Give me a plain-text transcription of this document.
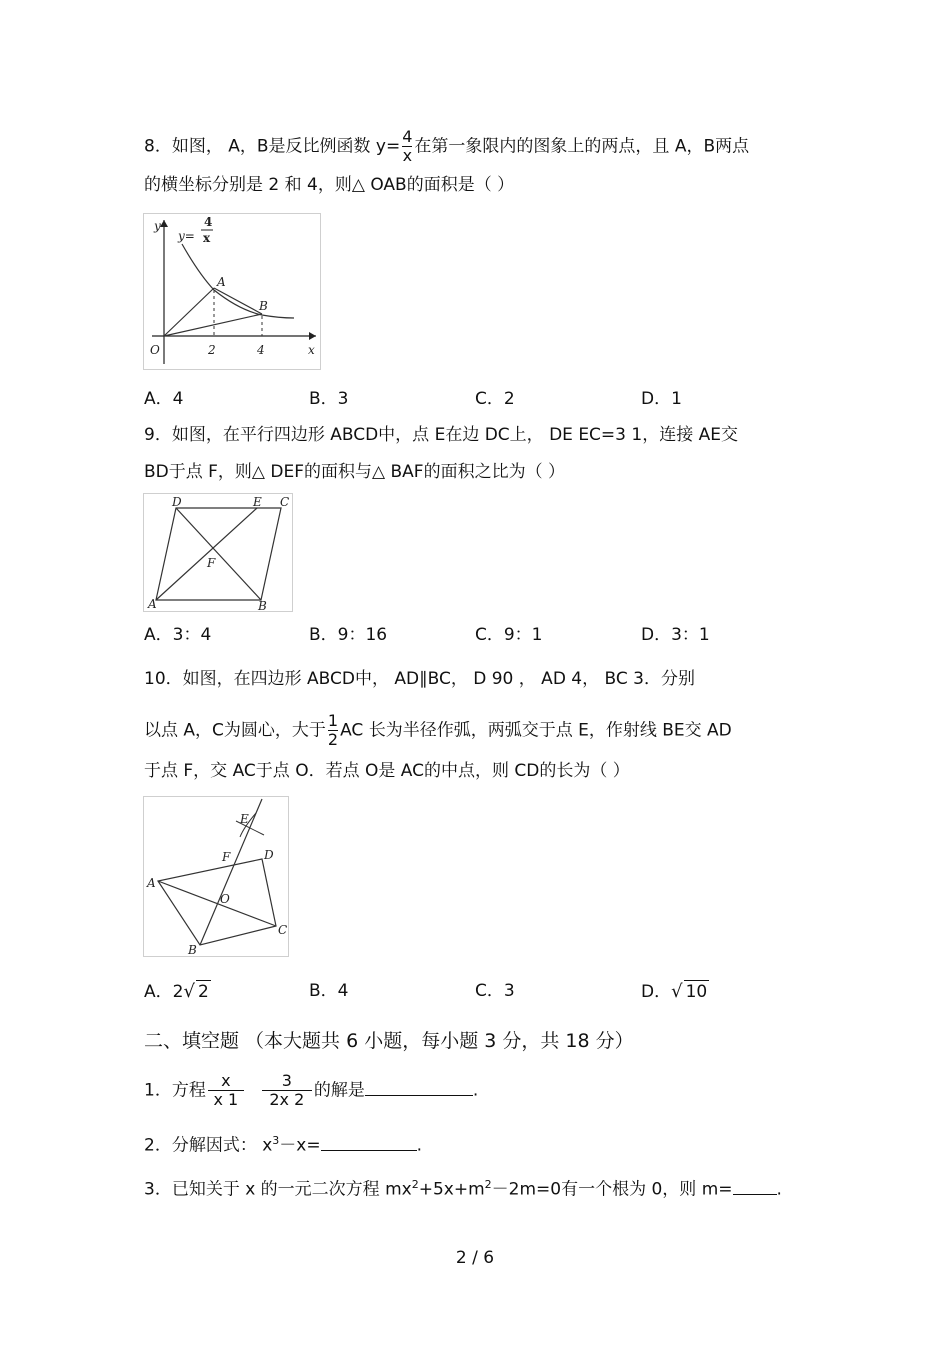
8．如图， A，B是反比例函数 $y= \frac{4}{x}$ 在第一象限内的图象上的两点，且 A，B两点
的横坐标分别是 2 和 4，则△ OAB的面积是（ ）
y
x
O	2	4
A
B
y=
4
x
A．4	B．3	C．2	D．1
9．如图，在平行四边形 ABCD中，点 E在边 DC上， DE EC=3 1，连接 AE交
BD于点 F，则△ DEF的面积与△ BAF的面积之比为（ ）
A	B
C
D	E
F
A．3：4	B．9：16	C．9：1	D．3：1
10．如图，在四边形 ABCD中， AD∥BC， D 90 ， AD 4， BC 3．分别
以点 A，C为圆心，大于 $\frac{1}{2}$ AC 长为半径作弧，两弧交于点 E，作射线 BE交 AD
于点 F，交 AC于点 O．若点 O是 AC的中点，则 CD的长为（ ）
E
F	D
A
O
C
B
A．2√ 2	B．4	C．3	D．√ 10
二、填空题 （本大题共 6 小题，每小题 3 分，共 18 分）
1．方程 $\frac{x}{x 1} \frac{3}{2x 2}$ 的解是	.
2．分解因式： $x^3-x=$	.
3．已知关于 x 的一元二次方程 $mx^2+5x+m^2-2m=0$有一个根为 0，则 m=	.
2 / 6
